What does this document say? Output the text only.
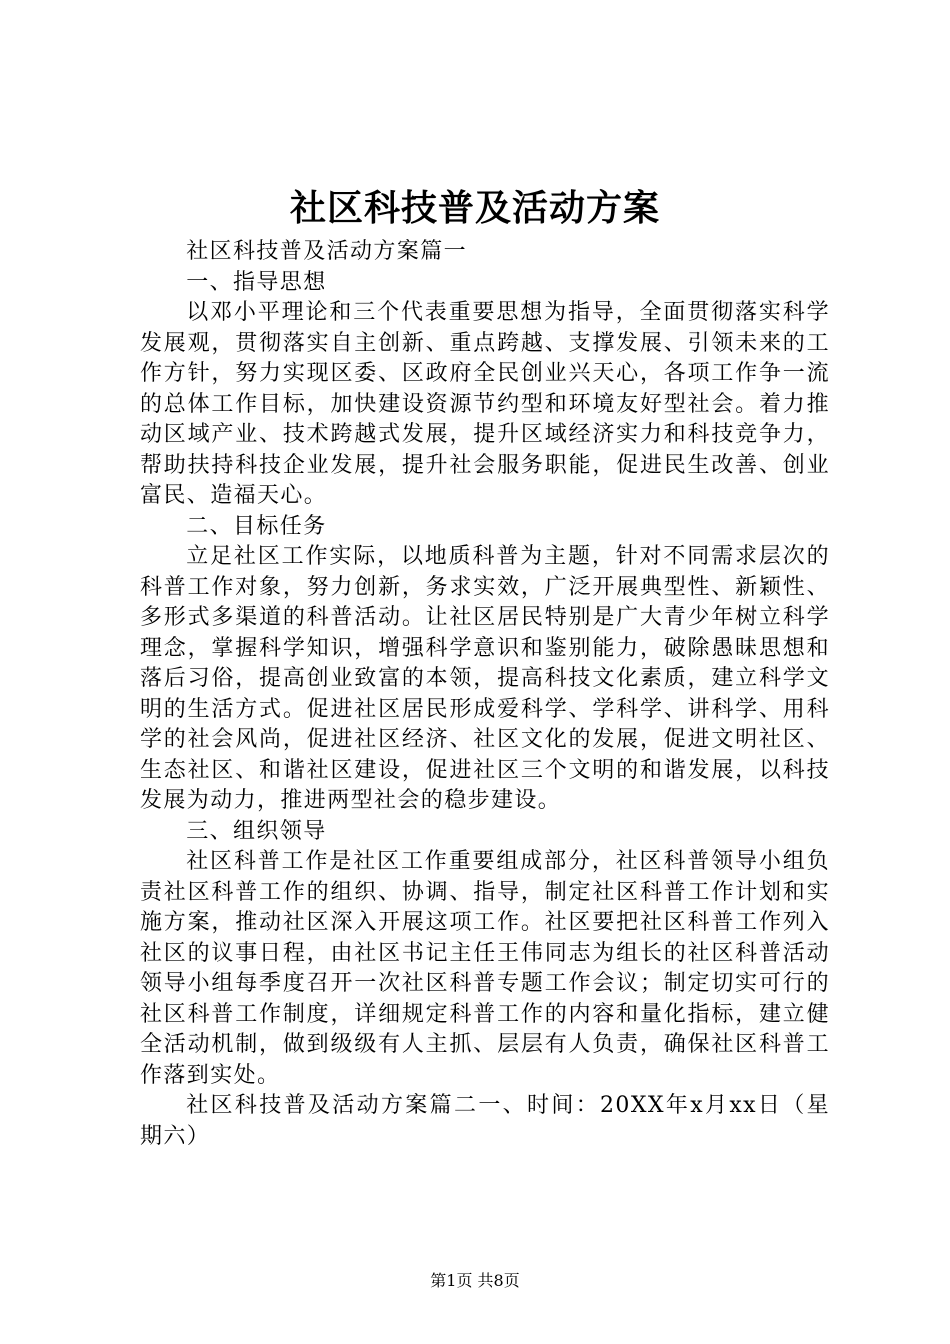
社区科技普及活动方案

社区科技普及活动方案篇一

一、指导思想

以邓小平理论和三个代表重要思想为指导，全面贯彻落实科学发展观，贯彻落实自主创新、重点跨越、支撑发展、引领未来的工作方针，努力实现区委、区政府全民创业兴天心，各项工作争一流的总体工作目标，加快建设资源节约型和环境友好型社会。着力推动区域产业、技术跨越式发展，提升区域经济实力和科技竞争力，帮助扶持科技企业发展，提升社会服务职能，促进民生改善、创业富民、造福天心。

二、目标任务

立足社区工作实际，以地质科普为主题，针对不同需求层次的科普工作对象，努力创新，务求实效，广泛开展典型性、新颖性、多形式多渠道的科普活动。让社区居民特别是广大青少年树立科学理念，掌握科学知识，增强科学意识和鉴别能力，破除愚昧思想和落后习俗，提高创业致富的本领，提高科技文化素质，建立科学文明的生活方式。促进社区居民形成爱科学、学科学、讲科学、用科学的社会风尚，促进社区经济、社区文化的发展，促进文明社区、生态社区、和谐社区建设，促进社区三个文明的和谐发展，以科技发展为动力，推进两型社会的稳步建设。

三、组织领导

社区科普工作是社区工作重要组成部分，社区科普领导小组负责社区科普工作的组织、协调、指导，制定社区科普工作计划和实施方案，推动社区深入开展这项工作。社区要把社区科普工作列入社区的议事日程，由社区书记主任王伟同志为组长的社区科普活动领导小组每季度召开一次社区科普专题工作会议；制定切实可行的社区科普工作制度，详细规定科普工作的内容和量化指标，建立健全活动机制，做到级级有人主抓、层层有人负责，确保社区科普工作落到实处。

社区科技普及活动方案篇二一、时间：20XX年x月xx日（星期六）

第1页 共8页
